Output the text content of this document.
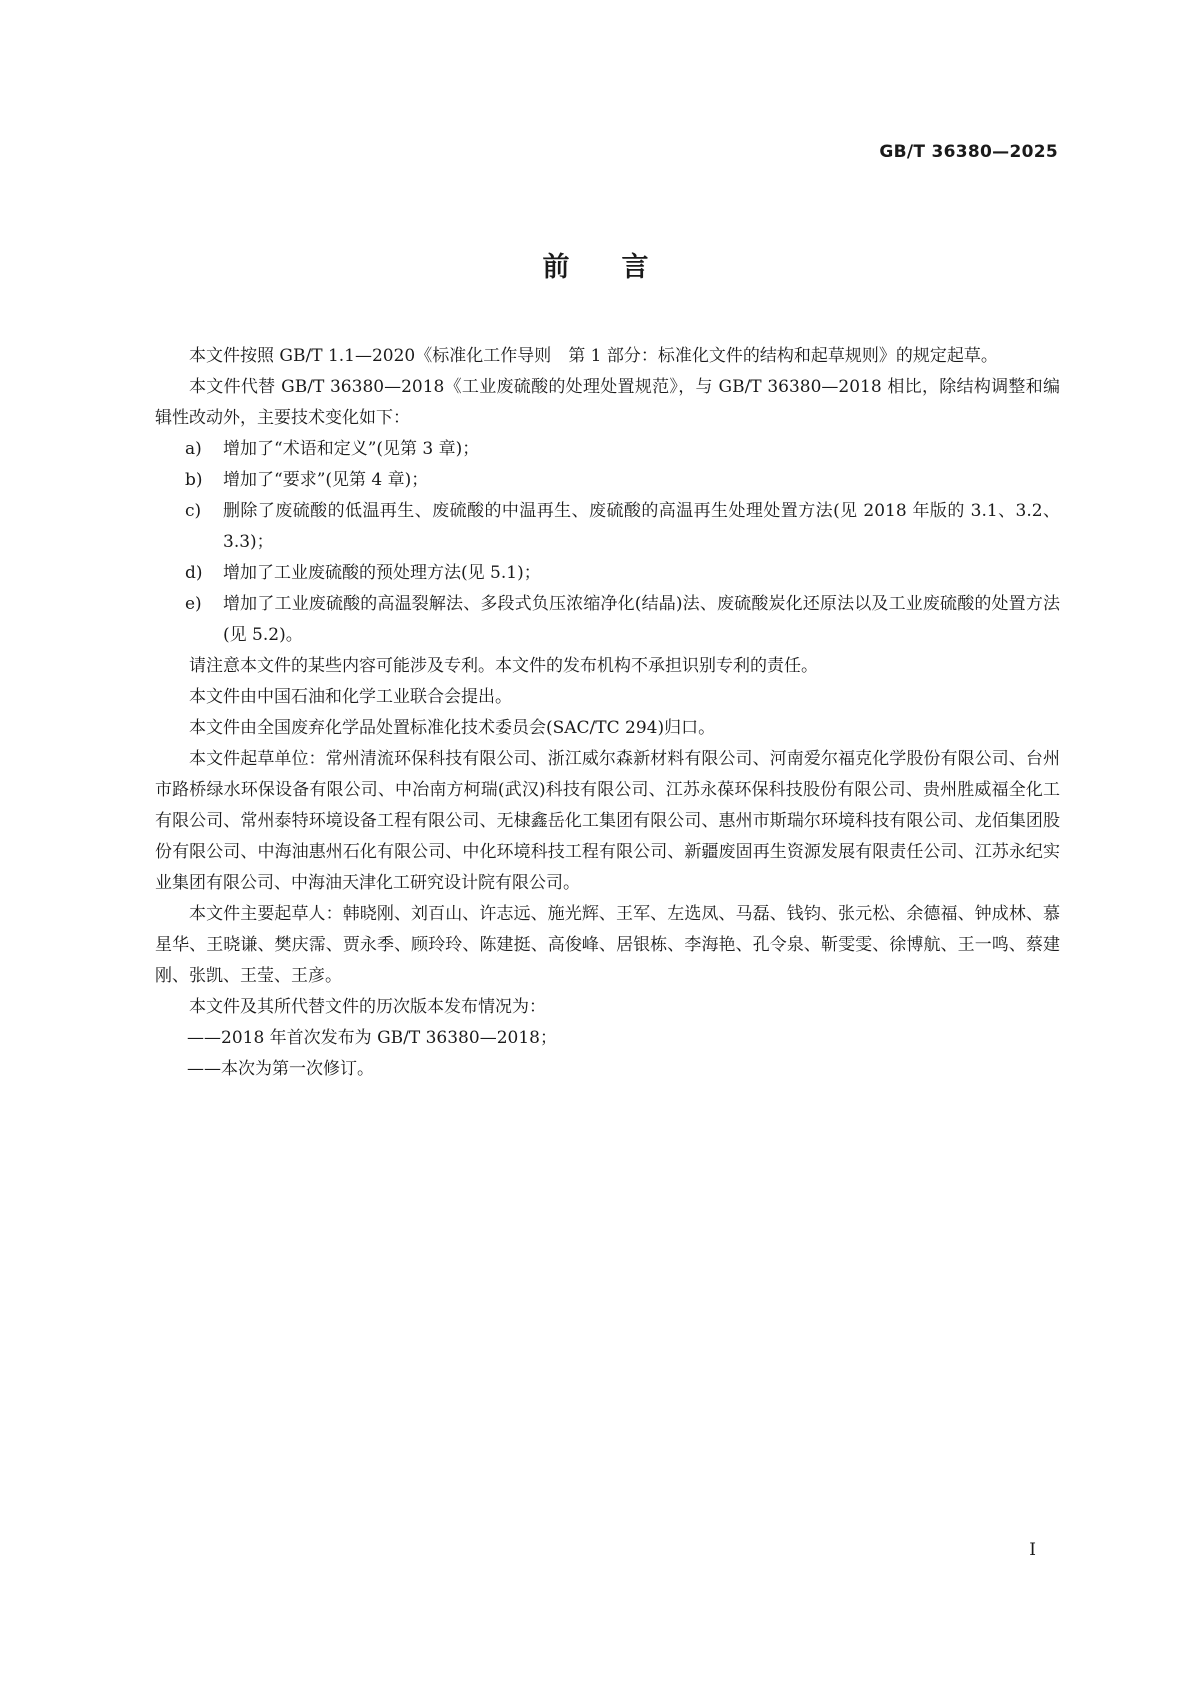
GB/T 36380—2025
前言

本文件按照 GB/T 1.1—2020《标准化工作导则　第 1 部分：标准化文件的结构和起草规则》的规定起草。

本文件代替 GB/T 36380—2018《工业废硫酸的处理处置规范》，与 GB/T 36380—2018 相比，除结构调整和编辑性改动外，主要技术变化如下：

a) 增加了“术语和定义”(见第 3 章)；

b) 增加了“要求”(见第 4 章)；

c) 删除了废硫酸的低温再生、废硫酸的中温再生、废硫酸的高温再生处理处置方法(见 2018 年版的 3.1、3.2、3.3)；

d) 增加了工业废硫酸的预处理方法(见 5.1)；

e) 增加了工业废硫酸的高温裂解法、多段式负压浓缩净化(结晶)法、废硫酸炭化还原法以及工业废硫酸的处置方法(见 5.2)。

请注意本文件的某些内容可能涉及专利。本文件的发布机构不承担识别专利的责任。

本文件由中国石油和化学工业联合会提出。

本文件由全国废弃化学品处置标准化技术委员会(SAC/TC 294)归口。

本文件起草单位：常州清流环保科技有限公司、浙江威尔森新材料有限公司、河南爱尔福克化学股份有限公司、台州市路桥绿水环保设备有限公司、中冶南方柯瑞(武汉)科技有限公司、江苏永葆环保科技股份有限公司、贵州胜威福全化工有限公司、常州泰特环境设备工程有限公司、无棣鑫岳化工集团有限公司、惠州市斯瑞尔环境科技有限公司、龙佰集团股份有限公司、中海油惠州石化有限公司、中化环境科技工程有限公司、新疆废固再生资源发展有限责任公司、江苏永纪实业集团有限公司、中海油天津化工研究设计院有限公司。

本文件主要起草人：韩晓刚、刘百山、许志远、施光辉、王军、左选凤、马磊、钱钧、张元松、余德福、钟成林、慕星华、王晓谦、樊庆霈、贾永季、顾玲玲、陈建挺、高俊峰、居银栋、李海艳、孔令泉、靳雯雯、徐博航、王一鸣、蔡建刚、张凯、王莹、王彦。

本文件及其所代替文件的历次版本发布情况为：

——2018 年首次发布为 GB/T 36380—2018；

——本次为第一次修订。

I
